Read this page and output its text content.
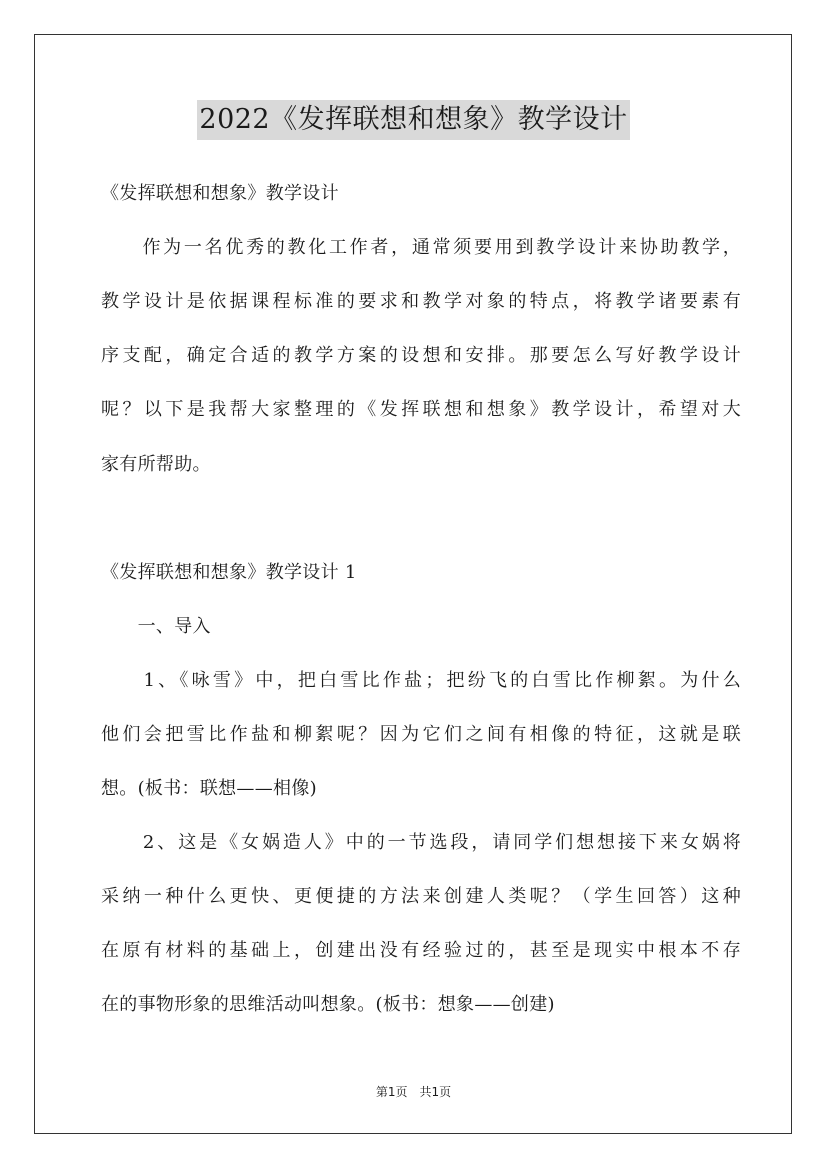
2022《发挥联想和想象》教学设计
《发挥联想和想象》教学设计
　　作为一名优秀的教化工作者，通常须要用到教学设计来协助教学，
教学设计是依据课程标准的要求和教学对象的特点，将教学诸要素有
序支配，确定合适的教学方案的设想和安排。那要怎么写好教学设计
呢？以下是我帮大家整理的《发挥联想和想象》教学设计，希望对大
家有所帮助。
《发挥联想和想象》教学设计 1
　　一、导入
　　1、《咏雪》中，把白雪比作盐；把纷飞的白雪比作柳絮。为什么
他们会把雪比作盐和柳絮呢？因为它们之间有相像的特征，这就是联
想。(板书：联想——相像)
　　2、这是《女娲造人》中的一节选段，请同学们想想接下来女娲将
采纳一种什么更快、更便捷的方法来创建人类呢？（学生回答）这种
在原有材料的基础上，创建出没有经验过的，甚至是现实中根本不存
在的事物形象的思维活动叫想象。(板书：想象——创建)
第1页　共1页
